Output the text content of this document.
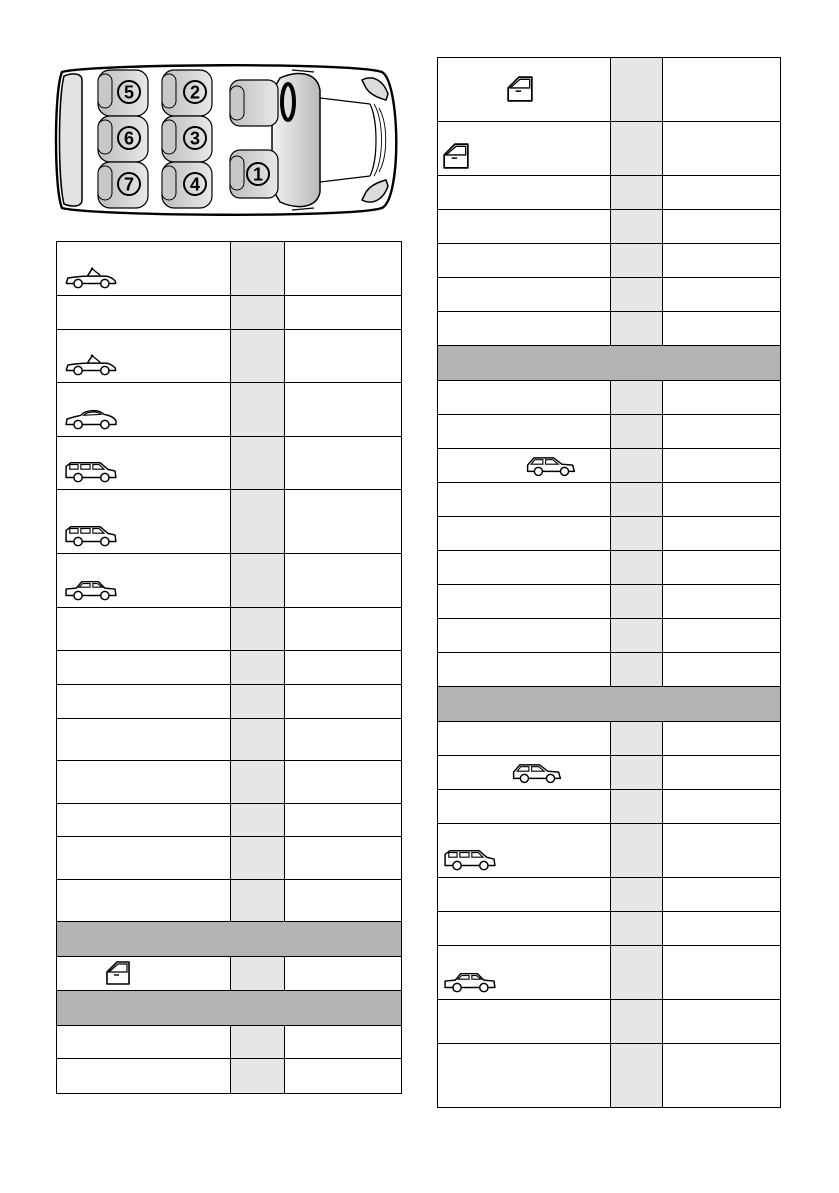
5
6
7
2
3
4	1
